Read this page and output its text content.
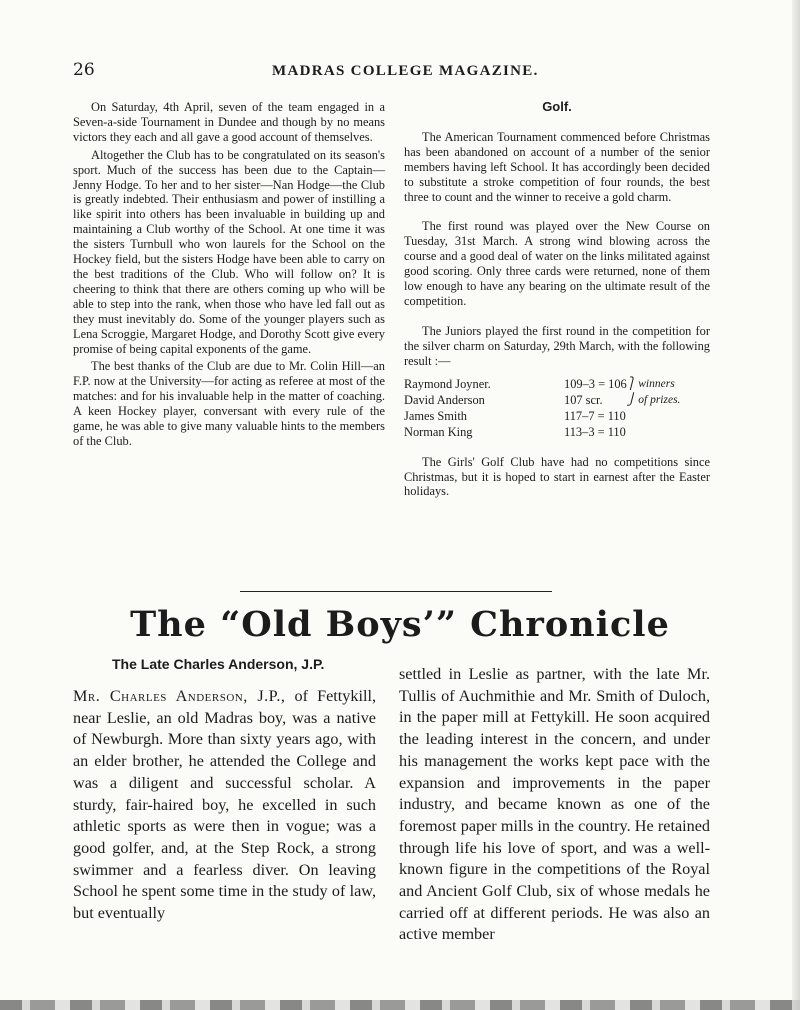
26	MADRAS COLLEGE MAGAZINE.

On Saturday, 4th April, seven of the team engaged in a Seven-a-side Tournament in Dundee and though by no means victors they each and all gave a good account of themselves.

Altogether the Club has to be congratulated on its season's sport. Much of the success has been due to the Captain—Jenny Hodge. To her and to her sister—Nan Hodge—the Club is greatly indebted. Their enthusiasm and power of instilling a like spirit into others has been invaluable in building up and maintaining a Club worthy of the School. At one time it was the sisters Turnbull who won laurels for the School on the Hockey field, but the sisters Hodge have been able to carry on the best traditions of the Club. Who will follow on? It is cheering to think that there are others coming up who will be able to step into the rank, when those who have led fall out as they must inevitably do. Some of the younger players such as Lena Scroggie, Margaret Hodge, and Dorothy Scott give every promise of being capital exponents of the game.

The best thanks of the Club are due to Mr. Colin Hill—an F.P. now at the University—for acting as referee at most of the matches: and for his invaluable help in the matter of coaching. A keen Hockey player, conversant with every rule of the game, he was able to give many valuable hints to the members of the Club.

Golf.

The American Tournament commenced before Christmas has been abandoned on account of a number of the senior members having left School. It has accordingly been decided to substitute a stroke competition of four rounds, the best three to count and the winner to receive a gold charm.

The first round was played over the New Course on Tuesday, 31st March. A strong wind blowing across the course and a good deal of water on the links militated against good scoring. Only three cards were returned, none of them low enough to have any bearing on the ultimate result of the competition.

The Juniors played the first round in the competition for the silver charm on Saturday, 29th March, with the following result :—

Raymond Joyner.	109–3 = 106	⎫ winners
David Anderson	107 scr.	⎭ of prizes.
James Smith	117–7 = 110	
Norman King	113–3 = 110	

The Girls' Golf Club have had no competitions since Christmas, but it is hoped to start in earnest after the Easter holidays.

The “Old Boys’” Chronicle
The Late Charles Anderson, J.P.

Mr. Charles Anderson, J.P., of Fettykill, near Leslie, an old Madras boy, was a native of Newburgh. More than sixty years ago, with an elder brother, he attended the College and was a diligent and successful scholar. A sturdy, fair-haired boy, he excelled in such athletic sports as were then in vogue; was a good golfer, and, at the Step Rock, a strong swimmer and a fearless diver. On leaving School he spent some time in the study of law, but eventually

settled in Leslie as partner, with the late Mr. Tullis of Auchmithie and Mr. Smith of Duloch, in the paper mill at Fettykill. He soon acquired the leading interest in the concern, and under his management the works kept pace with the expansion and improvements in the paper industry, and became known as one of the foremost paper mills in the country. He retained through life his love of sport, and was a well-known figure in the competitions of the Royal and Ancient Golf Club, six of whose medals he carried off at different periods. He was also an active member
